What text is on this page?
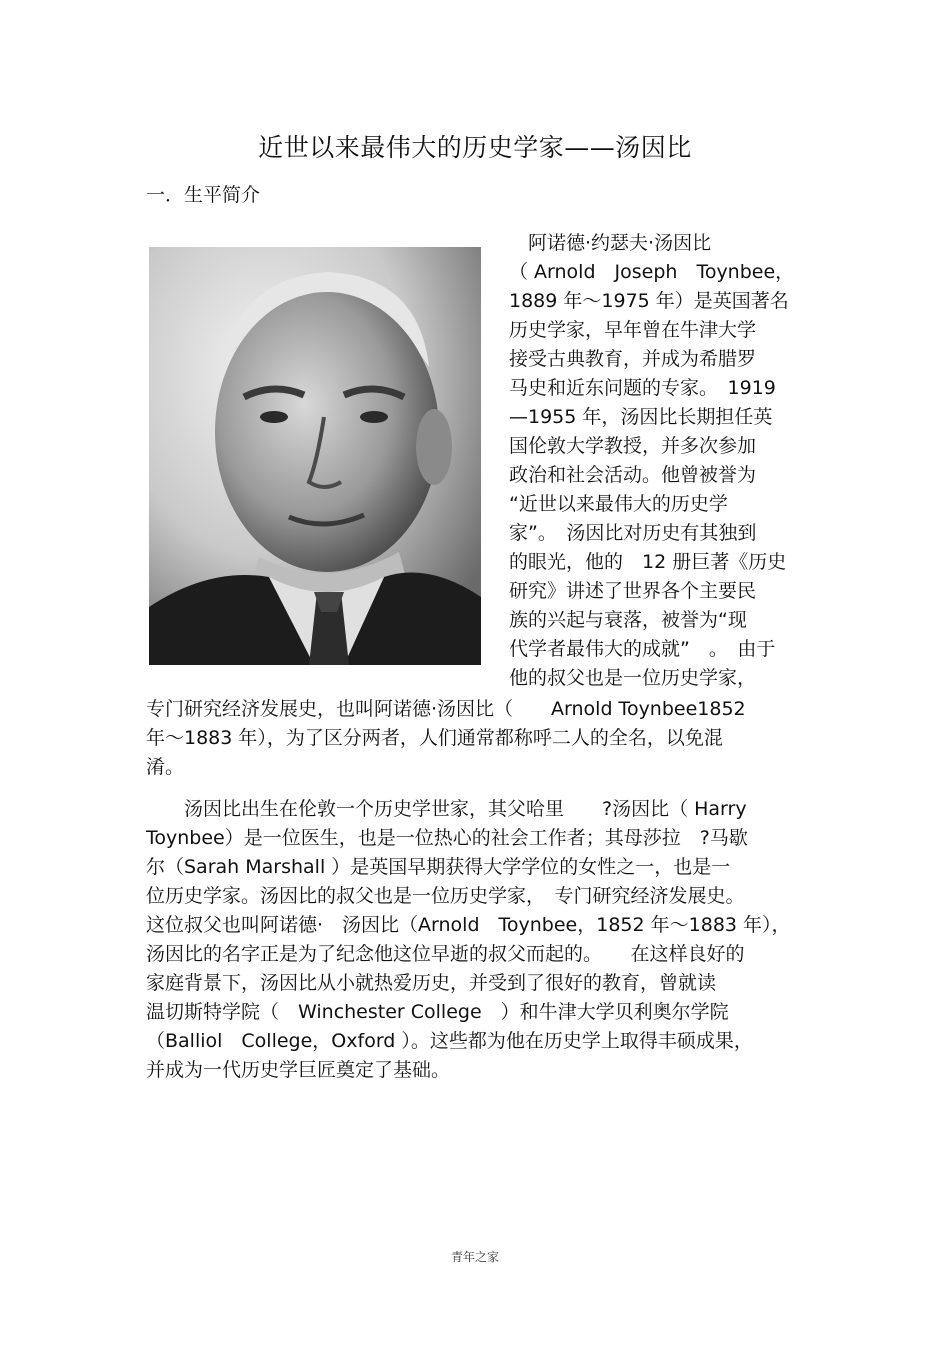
近世以来最伟大的历史学家——汤因比
一．生平简介
　阿诺德·约瑟夫·汤因比
（ Arnold　Joseph　Toynbee，
1889 年～1975 年）是英国著名
历史学家，早年曾在牛津大学
接受古典教育，并成为希腊罗
马史和近东问题的专家。　1919
—1955 年，汤因比长期担任英
国伦敦大学教授，并多次参加
政治和社会活动。他曾被誉为
“近世以来最伟大的历史学
家”。　汤因比对历史有其独到
的眼光，他的　12 册巨著《历史
研究》讲述了世界各个主要民
族的兴起与衰落，被誉为“现
代学者最伟大的成就”　。　由于
他的叔父也是一位历史学家，
专门研究经济发展史，也叫阿诺德·汤因比（　　Arnold Toynbee1852
年～1883 年），为了区分两者，人们通常都称呼二人的全名，以免混
淆。
　　汤因比出生在伦敦一个历史学世家，其父哈里　　?汤因比（ Harry
Toynbee）是一位医生，也是一位热心的社会工作者；其母莎拉　?马歇
尔（Sarah Marshall ）是英国早期获得大学学位的女性之一，也是一
位历史学家。汤因比的叔父也是一位历史学家，　专门研究经济发展史。
这位叔父也叫阿诺德·　汤因比（Arnold　Toynbee，1852 年～1883 年），
汤因比的名字正是为了纪念他这位早逝的叔父而起的。　　在这样良好的
家庭背景下，汤因比从小就热爱历史，并受到了很好的教育，曾就读
温切斯特学院（　Winchester College　）和牛津大学贝利奥尔学院
（Balliol　College，Oxford ）。这些都为他在历史学上取得丰硕成果，
并成为一代历史学巨匠奠定了基础。
青年之家
